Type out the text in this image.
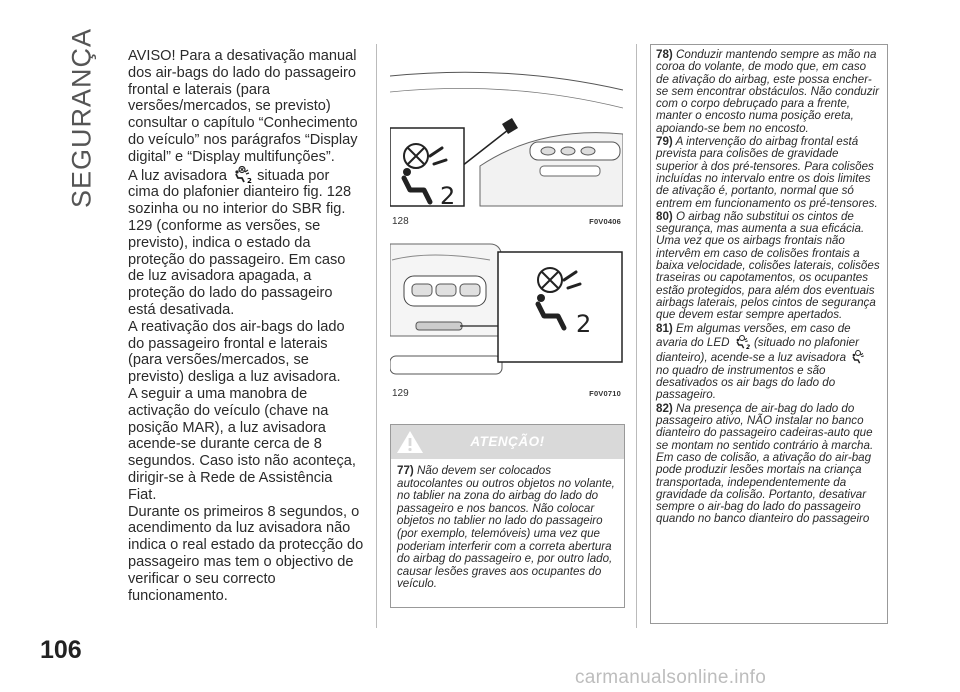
SEGURANÇA AVISO! Para a desativação manual dos air-bags do lado do passageiro frontal e laterais (para versões/mercados, se previsto) consultar o capítulo “Conhecimento do veículo” nos parágrafos “Display digital” e “Display multifunções”.

A luz avisadora	2 situada por cima do plafonier dianteiro fig. 128 sozinha ou no interior do SBR fig. 129 (conforme as versões, se previsto), indica o estado da proteção do passageiro. Em caso de luz avisadora apagada, a proteção do lado do passageiro está desativada.

A reativação dos air-bags do lado do passageiro frontal e laterais (para versões/mercados, se previsto) desliga a luz avisadora.

A seguir a uma manobra de activação do veículo (chave na posição MAR), a luz avisadora acende-se durante cerca de 8 segundos. Caso isto não aconteça, dirigir-se à Rede de Assistência Fiat.

Durante os primeiros 8 segundos, o acendimento da luz avisadora não indica o real estado da protecção do passageiro mas tem o objectivo de verificar o seu correcto funcionamento.

2
128	F0V0406
2
129	F0V0710
ATENÇÃO!
77) Não devem ser colocados autocolantes ou outros objetos no volante, no tablier na zona do airbag do lado do passageiro e nos bancos. Não colocar objetos no tablier no lado do passageiro (por exemplo, telemóveis) uma vez que poderiam interferir com a correta abertura do airbag do passageiro e, por outro lado, causar lesões graves aos ocupantes do veículo.

78) Conduzir mantendo sempre as mão na coroa do volante, de modo que, em caso de ativação do airbag, este possa encher-se sem encontrar obstáculos. Não conduzir com o corpo debruçado para a frente, manter o encosto numa posição ereta, apoiando-se bem no encosto.

79) A intervenção do airbag frontal está prevista para colisões de gravidade superior à dos pré-tensores. Para colisões incluídas no intervalo entre os dois limites de ativação é, portanto, normal que só entrem em funcionamento os pré-tensores.

80) O airbag não substitui os cintos de segurança, mas aumenta a sua eficácia. Uma vez que os airbags frontais não intervêm em caso de colisões frontais a baixa velocidade, colisões laterais, colisões traseiras ou capotamentos, os ocupantes estão protegidos, para além dos eventuais airbags laterais, pelos cintos de segurança que devem estar sempre apertados.

81) Em algumas versões, em caso de avaria do LED 2 (situado no plafonier dianteiro), acende-se a luz avisadora  no quadro de instrumentos e são desativados os air bags do lado do passageiro.

82) Na presença de air-bag do lado do passageiro ativo, NÃO instalar no banco dianteiro do passageiro cadeiras-auto que se montam no sentido contrário à marcha. Em caso de colisão, a ativação do air-bag pode produzir lesões mortais na criança transportada, independentemente da gravidade da colisão. Portanto, desativar sempre o air-bag do lado do passageiro quando no banco dianteiro do passageiro

106
carmanualsonline.info
